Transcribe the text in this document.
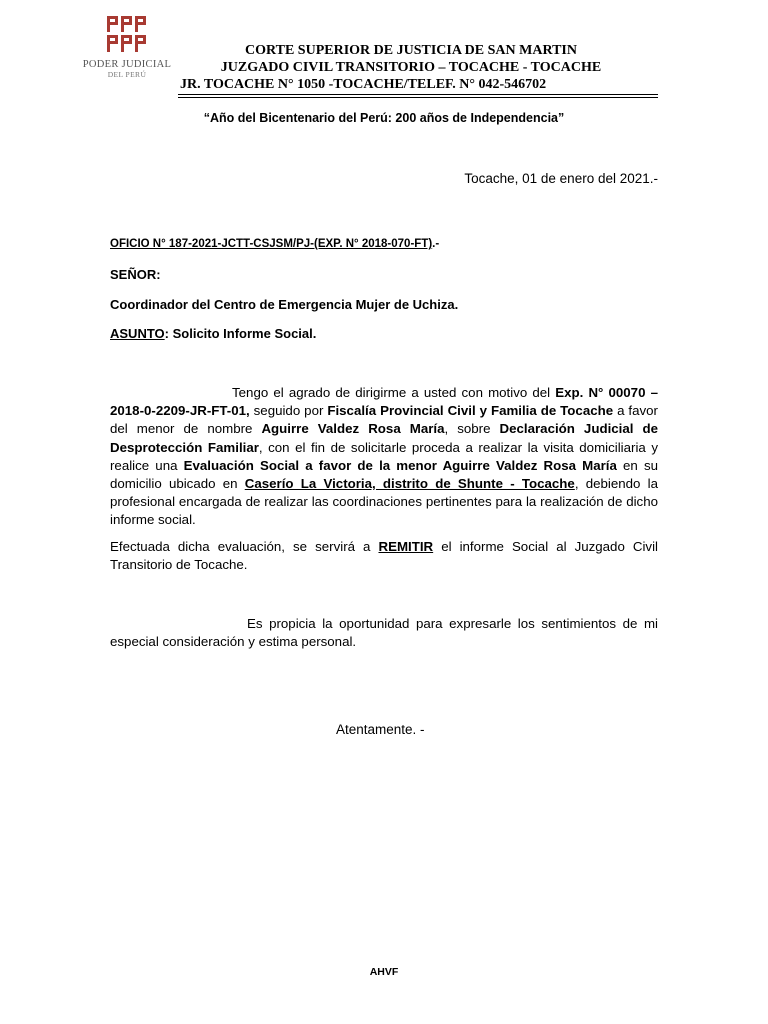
PODER JUDICIAL
DEL PERÚ
CORTE SUPERIOR DE JUSTICIA DE SAN MARTIN
JUZGADO CIVIL TRANSITORIO – TOCACHE - TOCACHE
JR. TOCACHE N° 1050 -TOCACHE/TELEF. N° 042-546702
“Año del Bicentenario del Perú: 200 años de Independencia”
Tocache, 01 de enero del 2021.-
OFICIO N° 187-2021-JCTT-CSJSM/PJ-(EXP. N° 2018-070-FT).-
SEÑOR:
Coordinador del Centro de Emergencia Mujer de Uchiza.
ASUNTO: Solicito Informe Social.
Tengo el agrado de dirigirme a usted con motivo del Exp. N° 00070 –2018-0-2209-JR-FT-01, seguido por Fiscalía Provincial Civil y Familia de Tocache a favor del menor de nombre Aguirre Valdez Rosa María, sobre Declaración Judicial de Desprotección Familiar, con el fin de solicitarle proceda a realizar la visita domiciliaria y realice una Evaluación Social a favor de la menor Aguirre Valdez Rosa María en su domicilio ubicado en Caserío La Victoria, distrito de Shunte - Tocache, debiendo la profesional encargada de realizar las coordinaciones pertinentes para la realización de dicho informe social.
Efectuada dicha evaluación, se servirá a REMITIR el informe Social al Juzgado Civil Transitorio de Tocache.
Es propicia la oportunidad para expresarle los sentimientos de mi especial consideración y estima personal.
Atentamente. -
AHVF
